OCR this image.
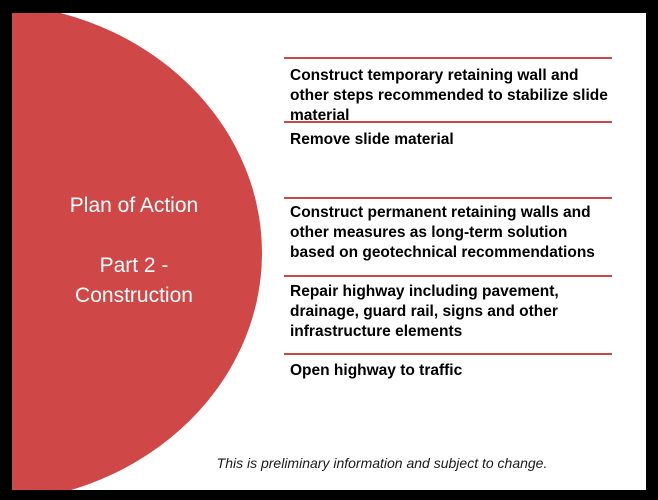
Plan of Action
Part 2 -
Construction
Construct temporary retaining wall and other steps recommended to stabilize slide material
Remove slide material
Construct permanent retaining walls and other measures as long-term solution based on geotechnical recommendations
Repair highway including pavement, drainage, guard rail, signs and other infrastructure elements
Open highway to traffic
This is preliminary information and subject to change.
